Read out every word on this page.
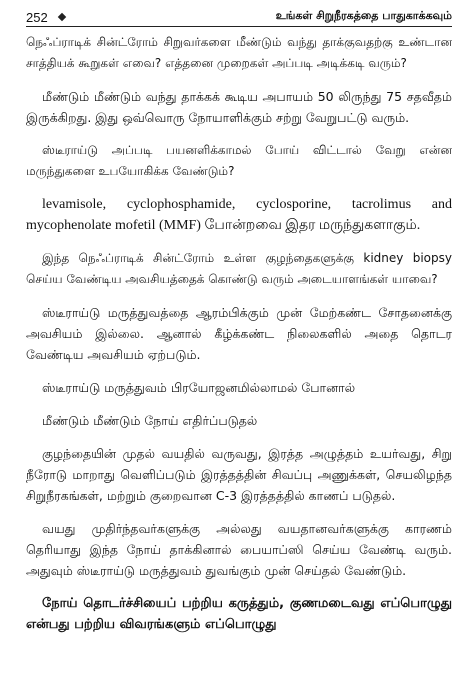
252	உங்கள் சிறுநீரகத்தை பாதுகாக்கவும்

நெஃப்ராடிக் சின்ட்ரோம் சிறுவர்களை மீண்டும் வந்து தாக்குவதற்கு உண்டான சாத்தியக் கூறுகள் எவை? எத்தனை முறைகள் அப்படி அடிக்கடி வரும்?

மீண்டும் மீண்டும் வந்து தாக்கக் கூடிய அபாயம் 50 லிருந்து 75 சதவீதம் இருக்கிறது. இது ஒவ்வொரு நோயாளிக்கும் சற்று வேறுபட்டு வரும்.

ஸ்டீராய்டு அப்படி பயனளிக்காமல் போய் விட்டால் வேறு என்ன மருந்துகளை உபயோகிக்க வேண்டும்?

levamisole, cyclophosphamide, cyclosporine, tacrolimus and mycophenolate mofetil (MMF) போன்றவை இதர மருந்துகளாகும்.

இந்த நெஃப்ராடிக் சின்ட்ரோம் உள்ள குழந்தைகளுக்கு kidney biopsy செய்ய வேண்டிய அவசியத்தைக் கொண்டு வரும் அடையாளங்கள் யாவை?

ஸ்டீராய்டு மருத்துவத்தை ஆரம்பிக்கும் முன் மேற்கண்ட சோதனைக்கு அவசியம் இல்லை. ஆனால் கீழ்க்கண்ட நிலைகளில் அதை தொடர வேண்டிய அவசியம் ஏற்படும்.

ஸ்டீராய்டு மருத்துவம் பிரயோஜனமில்லாமல் போனால்

மீண்டும் மீண்டும் நோய் எதிர்ப்படுதல்

குழந்தையின் முதல் வயதில் வருவது, இரத்த அழுத்தம் உயர்வது, சிறு நீரோடு மாறாது வெளிப்படும் இரத்தத்தின் சிவப்பு அணுக்கள், செயலிழந்த சிறுநீரகங்கள், மற்றும் குறைவான C-3 இரத்தத்தில் காணப் படுதல்.

வயது முதிர்ந்தவர்களுக்கு அல்லது வயதானவர்களுக்கு காரணம் தெரியாது இந்த நோய் தாக்கினால் பையாப்ஸி செய்ய வேண்டி வரும். அதுவும் ஸ்டீராய்டு மருத்துவம் துவங்கும் முன் செய்தல் வேண்டும்.

நோய் தொடர்ச்சியைப் பற்றிய கருத்தும், குணமடைவது எப்பொழுது என்பது பற்றிய விவரங்களும் எப்பொழுது
